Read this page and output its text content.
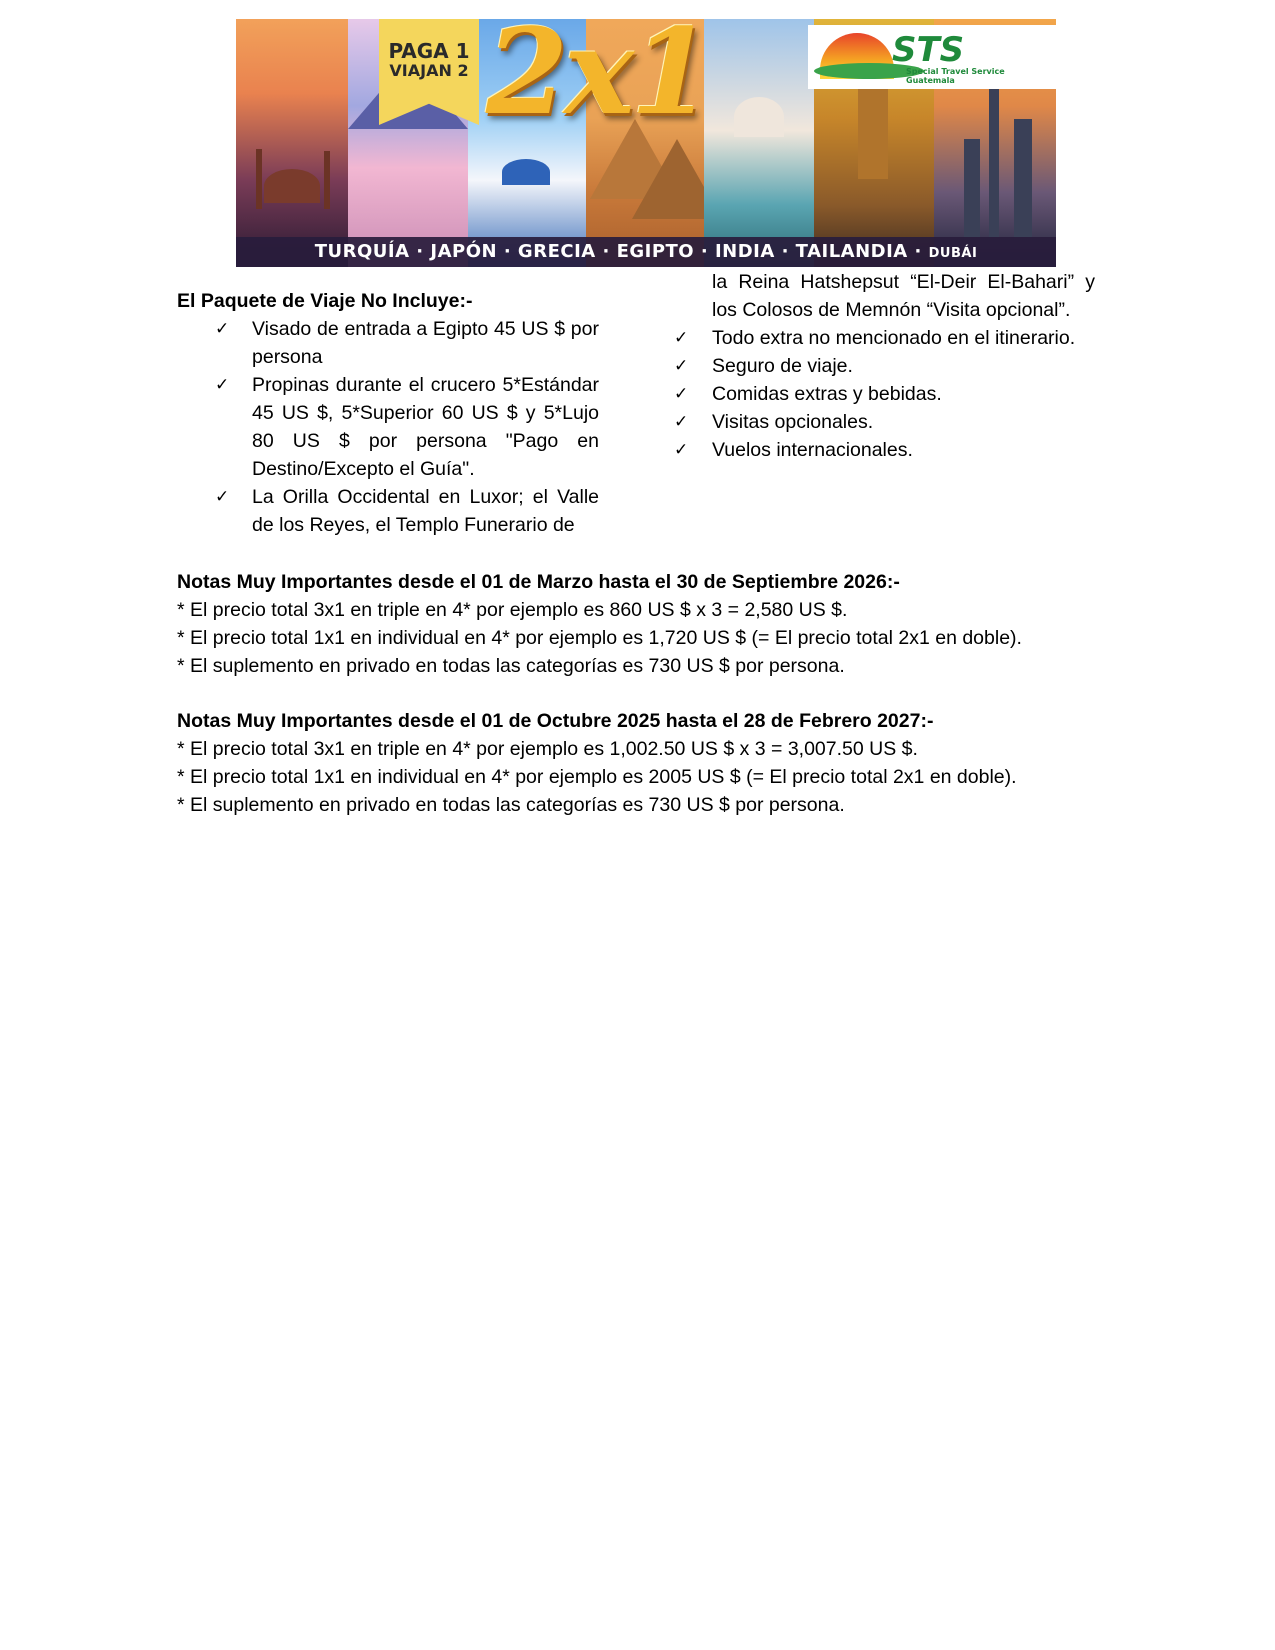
PAGA 1
VIAJAN 2 2x1	STS
Special Travel Service
Guatemala
TURQUÍA · JAPÓN · GRECIA · EGIPTO · INDIA · TAILANDIA · DUBÁI

El Paquete de Viaje No Incluye:-

✓ Visado de entrada a Egipto 45 US $ por persona
✓ Propinas durante el crucero 5*Estándar 45 US $, 5*Superior 60 US $ y 5*Lujo 80 US $ por persona "Pago en Destino/Excepto el Guía".
✓ La Orilla Occidental en Luxor; el Valle de los Reyes, el Templo Funerario de

la Reina Hatshepsut “El-Deir El-Bahari” y los Colosos de Memnón “Visita opcional”.

✓ Todo extra no mencionado en el itinerario.
✓ Seguro de viaje.
✓ Comidas extras y bebidas.
✓ Visitas opcionales.
✓ Vuelos internacionales.

Notas Muy Importantes desde el 01 de Marzo hasta el 30 de Septiembre 2026:-

* El precio total 3x1 en triple en 4* por ejemplo es 860 US $ x 3 = 2,580 US $.

* El precio total 1x1 en individual en 4* por ejemplo es 1,720 US $ (= El precio total 2x1 en doble).

* El suplemento en privado en todas las categorías es 730 US $ por persona.

Notas Muy Importantes desde el 01 de Octubre 2025 hasta el 28 de Febrero 2027:-

* El precio total 3x1 en triple en 4* por ejemplo es 1,002.50 US $ x 3 = 3,007.50 US $.

* El precio total 1x1 en individual en 4* por ejemplo es 2005 US $ (= El precio total 2x1 en doble).

* El suplemento en privado en todas las categorías es 730 US $ por persona.
